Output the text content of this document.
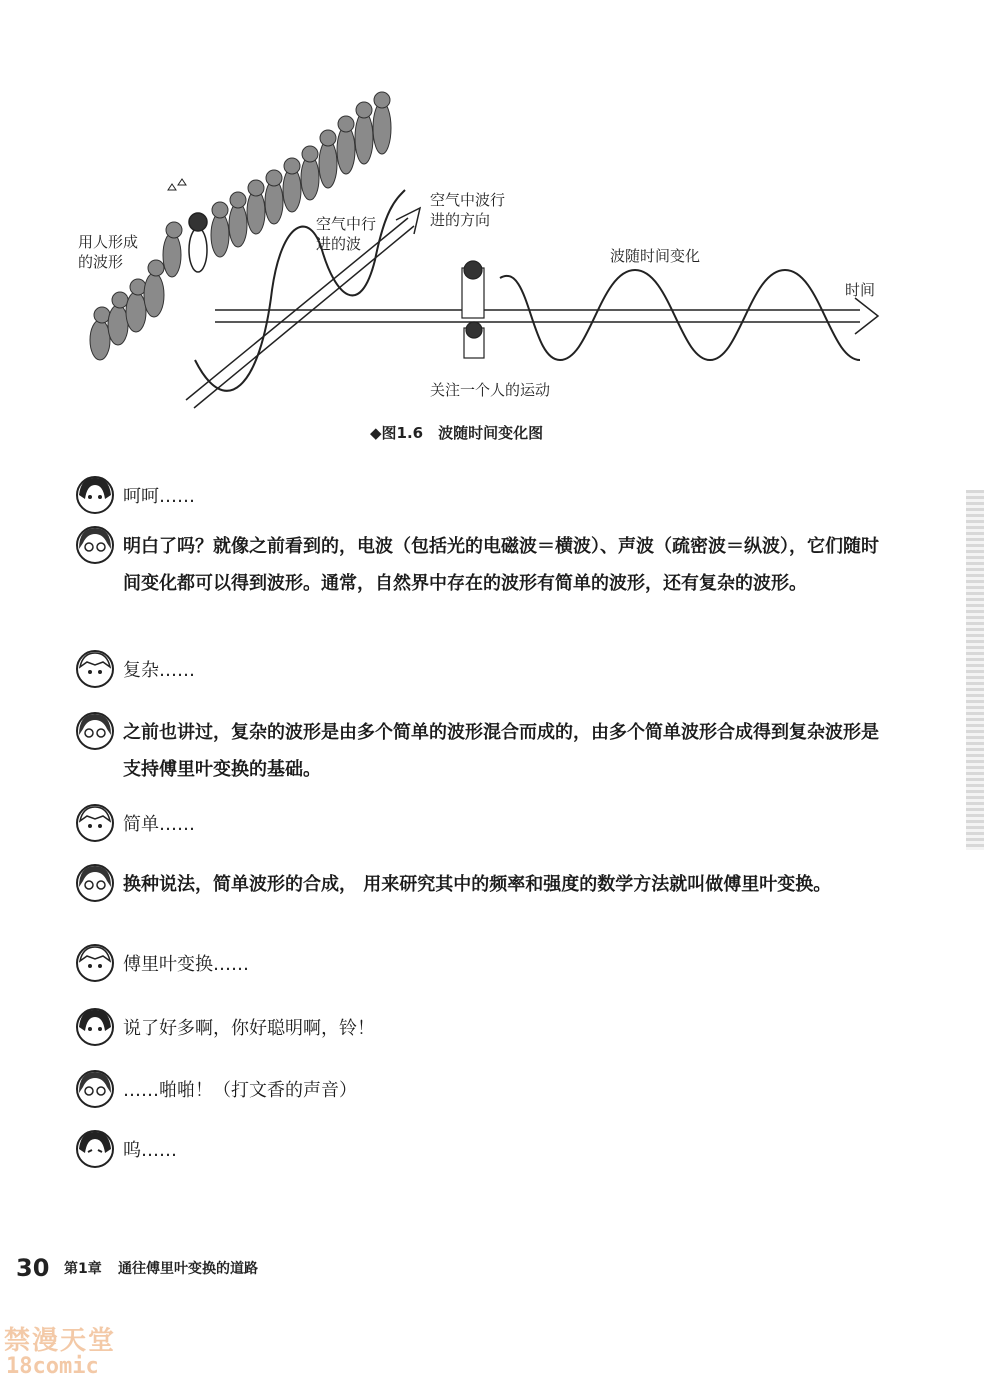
用人形成
的波形
空气中行
进的波
空气中波行
进的方向
波随时间变化
时间
关注一个人的运动
◆图1.6　波随时间变化图
呵呵……
明白了吗？就像之前看到的，电波（包括光的电磁波＝横波）、声波（疏密波＝纵波），它们随时间变化都可以得到波形。通常，自然界中存在的波形有简单的波形，还有复杂的波形。
复杂……
之前也讲过，复杂的波形是由多个简单的波形混合而成的，由多个简单波形合成得到复杂波形是支持傅里叶变换的基础。
简单……
换种说法，简单波形的合成， 用来研究其中的频率和强度的数学方法就叫做傅里叶变换。
傅里叶变换……
说了好多啊，你好聪明啊，铃！
……啪啪！（打文香的声音）
呜……
30 第1章 通往傅里叶变换的道路
禁漫天堂
18comic
